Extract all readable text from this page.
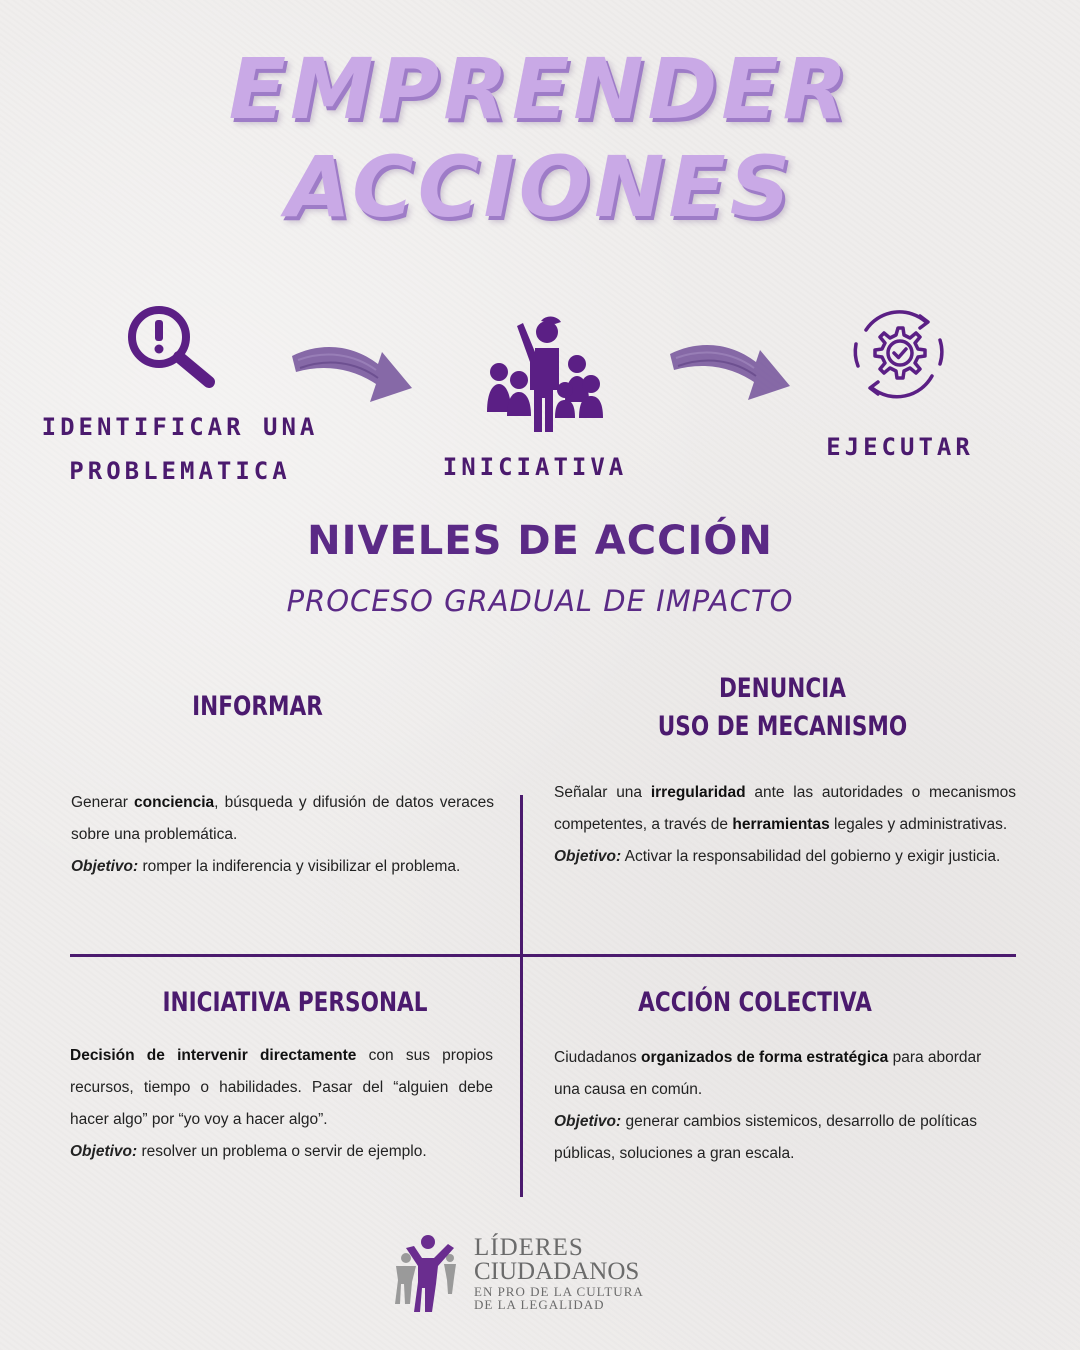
EMPRENDER
ACCIONES
IDENTIFICAR UNA
PROBLEMATICA	INICIATIVA
EJECUTAR
NIVELES DE ACCIÓN
PROCESO GRADUAL DE IMPACTO
INFORMAR
DENUNCIA
USO DE MECANISMO
Generar conciencia, búsqueda y difusión de datos veraces sobre una problemática.
Objetivo: romper la indiferencia y visibilizar el problema.
Señalar una irregularidad ante las autoridades o mecanismos competentes, a través de herramientas legales y administrativas.
Objetivo: Activar la responsabilidad del gobierno y exigir justicia.
INICIATIVA PERSONAL	ACCIÓN COLECTIVA
Decisión de intervenir directamente con sus propios recursos, tiempo o habilidades. Pasar del “alguien debe hacer algo” por “yo voy a hacer algo”.
Objetivo: resolver un problema o servir de ejemplo.
Ciudadanos organizados de forma estratégica para abordar una causa en común.
Objetivo: generar cambios sistemicos, desarrollo de políticas públicas, soluciones a gran escala.
LÍDERES
CIUDADANOS
EN PRO DE LA CULTURA
DE LA LEGALIDAD
